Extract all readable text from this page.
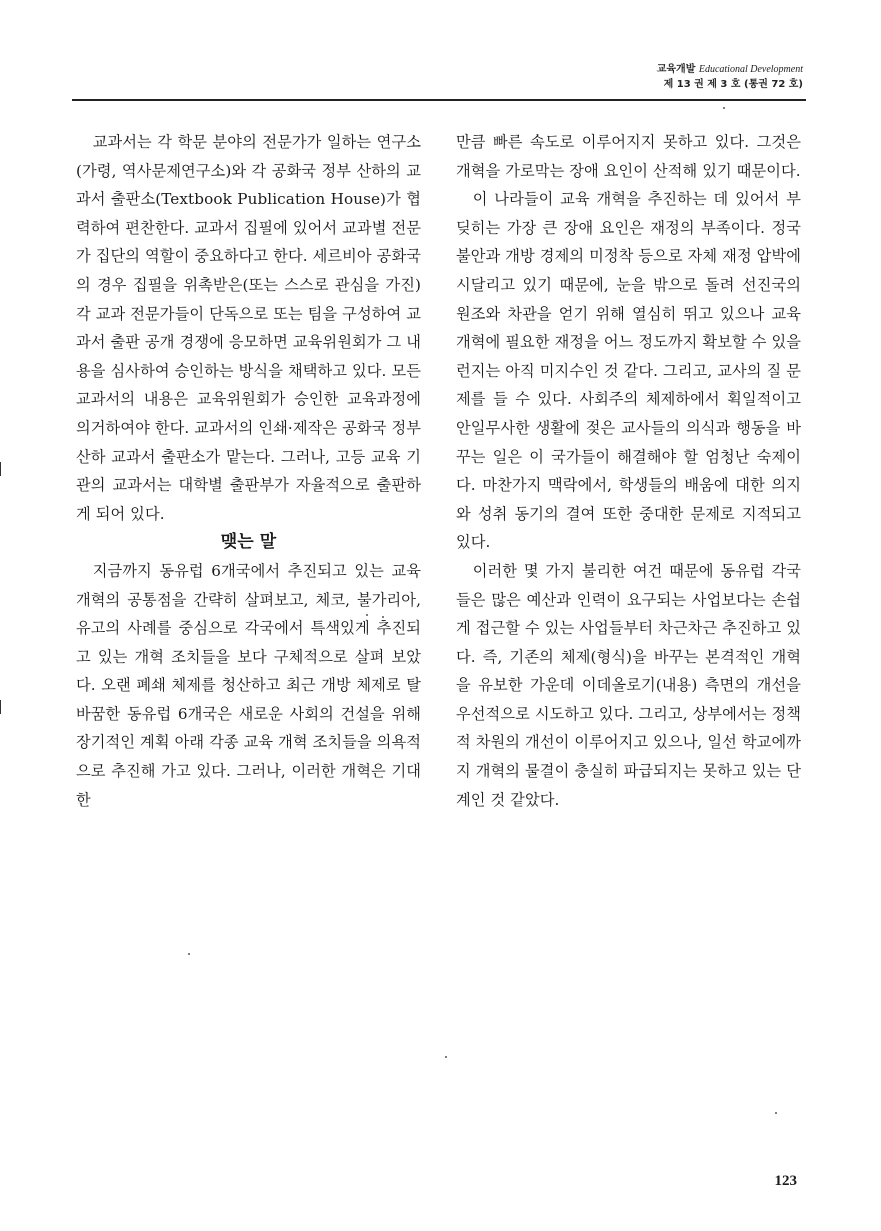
교육개발 Educational Development
제 13 권 제 3 호 (통권 72 호)

교과서는 각 학문 분야의 전문가가 일하는 연구소(가령, 역사문제연구소)와 각 공화국 정부 산하의 교과서 출판소(Textbook Publication House)가 협력하여 편찬한다. 교과서 집필에 있어서 교과별 전문가 집단의 역할이 중요하다고 한다. 세르비아 공화국의 경우 집필을 위촉받은(또는 스스로 관심을 가진) 각 교과 전문가들이 단독으로 또는 팀을 구성하여 교과서 출판 공개 경쟁에 응모하면 교육위원회가 그 내용을 심사하여 승인하는 방식을 채택하고 있다. 모든 교과서의 내용은 교육위원회가 승인한 교육과정에 의거하여야 한다. 교과서의 인쇄·제작은 공화국 정부 산하 교과서 출판소가 맡는다. 그러나, 고등 교육 기관의 교과서는 대학별 출판부가 자율적으로 출판하게 되어 있다.

맺는 말

지금까지 동유럽 6개국에서 추진되고 있는 교육 개혁의 공통점을 간략히 살펴보고, 체코, 불가리아, 유고의 사례를 중심으로 각국에서 특색있게 추진되고 있는 개혁 조치들을 보다 구체적으로 살펴 보았다. 오랜 폐쇄 체제를 청산하고 최근 개방 체제로 탈바꿈한 동유럽 6개국은 새로운 사회의 건설을 위해 장기적인 계획 아래 각종 교육 개혁 조치들을 의욕적으로 추진해 가고 있다. 그러나, 이러한 개혁은 기대한

만큼 빠른 속도로 이루어지지 못하고 있다. 그것은 개혁을 가로막는 장애 요인이 산적해 있기 때문이다.

이 나라들이 교육 개혁을 추진하는 데 있어서 부딪히는 가장 큰 장애 요인은 재정의 부족이다. 정국 불안과 개방 경제의 미정착 등으로 자체 재정 압박에 시달리고 있기 때문에, 눈을 밖으로 돌려 선진국의 원조와 차관을 얻기 위해 열심히 뛰고 있으나 교육 개혁에 필요한 재정을 어느 정도까지 확보할 수 있을런지는 아직 미지수인 것 같다. 그리고, 교사의 질 문제를 들 수 있다. 사회주의 체제하에서 획일적이고 안일무사한 생활에 젖은 교사들의 의식과 행동을 바꾸는 일은 이 국가들이 해결해야 할 엄청난 숙제이다. 마찬가지 맥락에서, 학생들의 배움에 대한 의지와 성취 동기의 결여 또한 중대한 문제로 지적되고 있다.

이러한 몇 가지 불리한 여건 때문에 동유럽 각국들은 많은 예산과 인력이 요구되는 사업보다는 손쉽게 접근할 수 있는 사업들부터 차근차근 추진하고 있다. 즉, 기존의 체제(형식)을 바꾸는 본격적인 개혁을 유보한 가운데 이데올로기(내용) 측면의 개선을 우선적으로 시도하고 있다. 그리고, 상부에서는 정책적 차원의 개선이 이루어지고 있으나, 일선 학교에까지 개혁의 물결이 충실히 파급되지는 못하고 있는 단계인 것 같았다.

123
